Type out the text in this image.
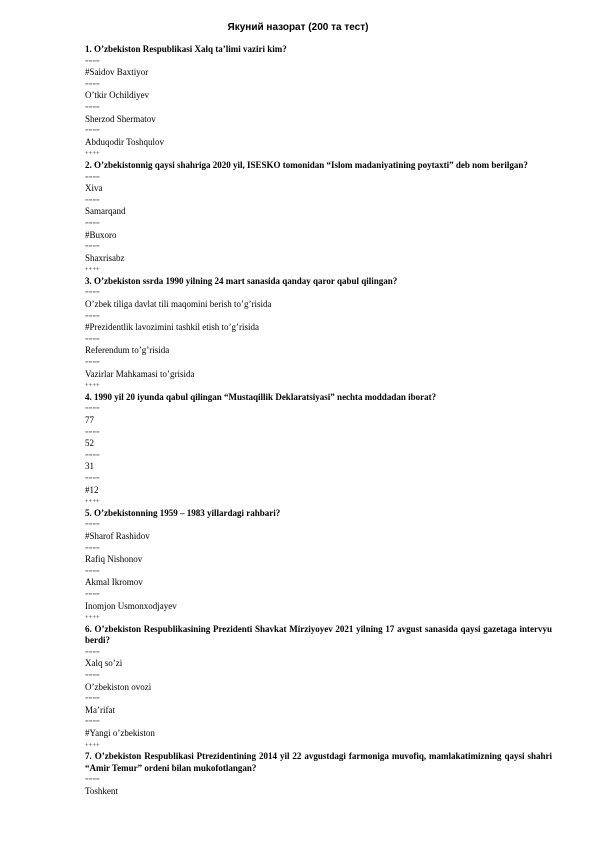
Якуний назорат (200 та тест)
1. O’zbekiston Respublikasi Xalq ta’limi vaziri kim?
====
#Saidov Baxtiyor
====
O’tkir Ochildiyev
====
Sherzod Shermatov
====
Abduqodir Toshqulov
++++
2. O’zbekistonnig qaysi shahriga 2020 yil, ISESKO tomonidan “Islom madaniyatining poytaxti” deb nom berilgan?
====
Xiva
====
Samarqand
====
#Buxoro
====
Shaxrisabz
++++
3. O’zbekiston ssrda 1990 yilning 24 mart sanasida qanday qaror qabul qilingan?
====
O’zbek tiliga davlat tili maqomini berish to’g’risida
====
#Prezidentlik lavozimini tashkil etish to’g’risida
====
Referendum to’g’risida
====
Vazirlar Mahkamasi to’grisida
++++
4. 1990 yil 20 iyunda qabul qilingan “Mustaqillik Deklaratsiyasi” nechta moddadan iborat?
====
77
====
52
====
31
====
#12
++++
5. O’zbekistonning 1959 – 1983 yillardagi rahbari?
====
#Sharof Rashidov
====
Rafiq Nishonov
====
Akmal Ikromov
====
Inomjon Usmonxodjayev
++++
6. O’zbekiston Respublikasining Prezidenti Shavkat Mirziyoyev 2021 yilning 17 avgust sanasida qaysi gazetaga intervyu berdi?
====
Xalq so’zi
====
O’zbekiston ovozi
====
Ma’rifat
====
#Yangi o’zbekiston
++++
7. O’zbekiston Respublikasi Ptrezidentining 2014 yil 22 avgustdagi farmoniga muvofiq, mamlakatimizning qaysi shahri “Amir Temur” ordeni bilan mukofotlangan?
====
Toshkent
